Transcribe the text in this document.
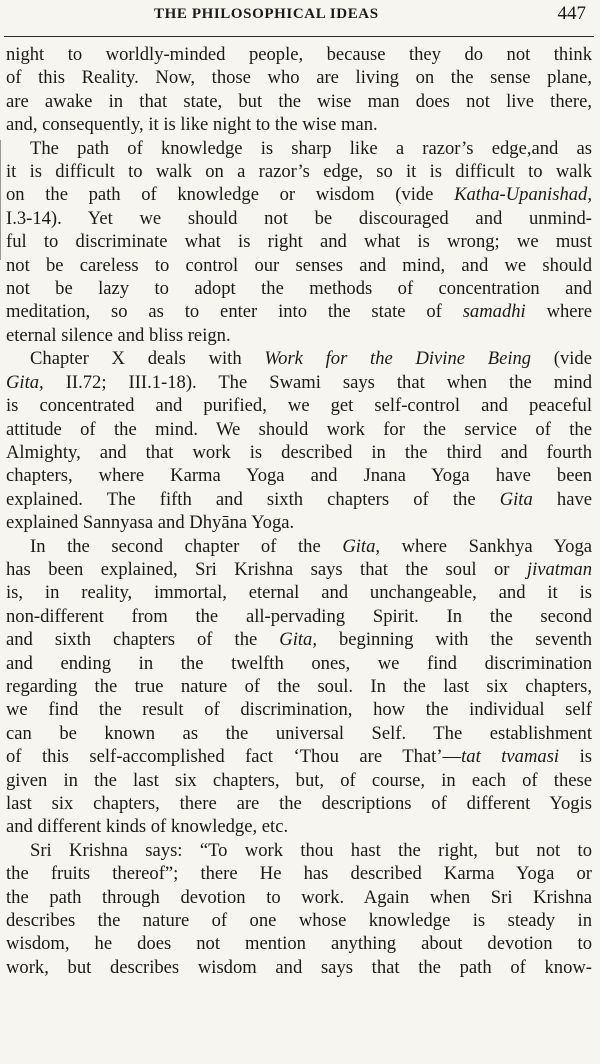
THE PHILOSOPHICAL IDEAS	447

night to worldly-minded people, because they do not think

of this Reality. Now, those who are living on the sense plane,

are awake in that state, but the wise man does not live there,

and, consequently, it is like night to the wise man.

The path of knowledge is sharp like a razor’s edge,and as

it is difficult to walk on a razor’s edge, so it is difficult to walk

on the path of knowledge or wisdom (vide Katha-Upanishad,

I.3-14). Yet we should not be discouraged and unmind-

ful to discriminate what is right and what is wrong; we must

not be careless to control our senses and mind, and we should

not be lazy to adopt the methods of concentration and

meditation, so as to enter into the state of samadhi where

eternal silence and bliss reign.

Chapter X deals with Work for the Divine Being (vide

Gita, II.72; III.1-18). The Swami says that when the mind

is concentrated and purified, we get self-control and peaceful

attitude of the mind. We should work for the service of the

Almighty, and that work is described in the third and fourth

chapters, where Karma Yoga and Jnana Yoga have been

explained. The fifth and sixth chapters of the Gita have

explained Sannyasa and Dhyāna Yoga.

In the second chapter of the Gita, where Sankhya Yoga

has been explained, Sri Krishna says that the soul or jivatman

is, in reality, immortal, eternal and unchangeable, and it is

non-different from the all-pervading Spirit. In the second

and sixth chapters of the Gita, beginning with the seventh

and ending in the twelfth ones, we find discrimination

regarding the true nature of the soul. In the last six chapters,

we find the result of discrimination, how the individual self

can be known as the universal Self. The establishment

of this self-accomplished fact ‘Thou are That’—tat tvamasi is

given in the last six chapters, but, of course, in each of these

last six chapters, there are the descriptions of different Yogis

and different kinds of knowledge, etc.

Sri Krishna says: “To work thou hast the right, but not to

the fruits thereof”; there He has described Karma Yoga or

the path through devotion to work. Again when Sri Krishna

describes the nature of one whose knowledge is steady in

wisdom, he does not mention anything about devotion to

work, but describes wisdom and says that the path of know-
